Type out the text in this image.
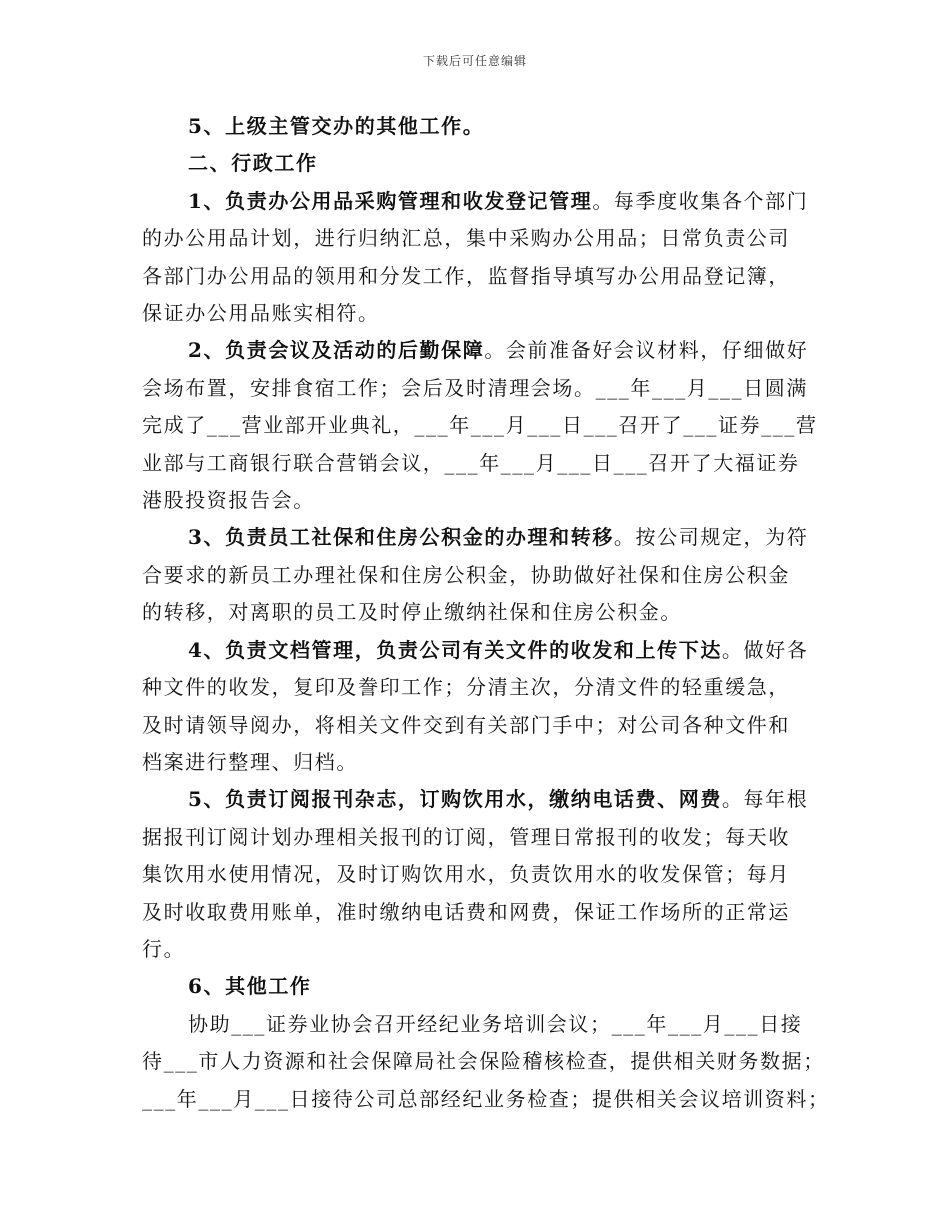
下载后可任意编辑

5、上级主管交办的其他工作。

二、行政工作

1、负责办公用品采购管理和收发登记管理。每季度收集各个部门

的办公用品计划，进行归纳汇总，集中采购办公用品；日常负责公司

各部门办公用品的领用和分发工作，监督指导填写办公用品登记簿，

保证办公用品账实相符。

2、负责会议及活动的后勤保障。会前准备好会议材料，仔细做好

会场布置，安排食宿工作；会后及时清理会场。___年___月___日圆满

完成了___营业部开业典礼，___年___月___日___召开了___证券___营

业部与工商银行联合营销会议，___年___月___日___召开了大福证券

港股投资报告会。

3、负责员工社保和住房公积金的办理和转移。按公司规定，为符

合要求的新员工办理社保和住房公积金，协助做好社保和住房公积金

的转移，对离职的员工及时停止缴纳社保和住房公积金。

4、负责文档管理，负责公司有关文件的收发和上传下达。做好各

种文件的收发，复印及誊印工作；分清主次，分清文件的轻重缓急，

及时请领导阅办，将相关文件交到有关部门手中；对公司各种文件和

档案进行整理、归档。

5、负责订阅报刊杂志，订购饮用水，缴纳电话费、网费。每年根

据报刊订阅计划办理相关报刊的订阅，管理日常报刊的收发；每天收

集饮用水使用情况，及时订购饮用水，负责饮用水的收发保管；每月

及时收取费用账单，准时缴纳电话费和网费，保证工作场所的正常运

行。

6、其他工作

协助___证券业协会召开经纪业务培训会议；___年___月___日接

待___市人力资源和社会保障局社会保险稽核检查，提供相关财务数据；

___年___月___日接待公司总部经纪业务检查；提供相关会议培训资料；
